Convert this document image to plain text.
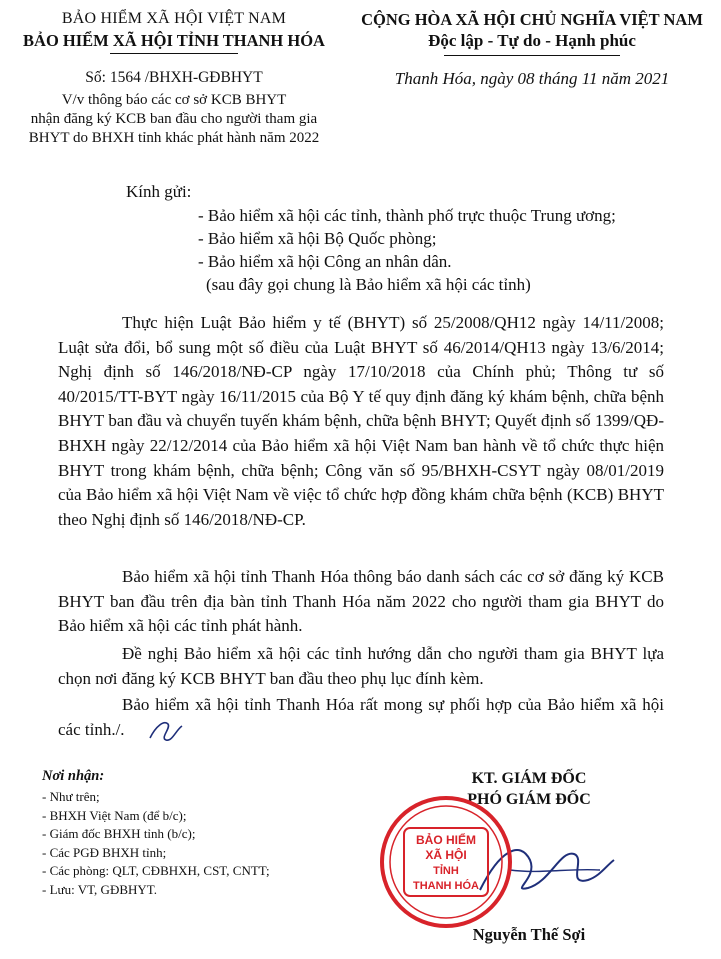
BẢO HIỂM XÃ HỘI VIỆT NAM
BẢO HIỂM XÃ HỘI TỈNH THANH HÓA
Số: 1564 /BHXH-GĐBHYT
V/v thông báo các cơ sở KCB BHYT
nhận đăng ký KCB ban đầu cho người tham gia
BHYT do BHXH tỉnh khác phát hành năm 2022
CỘNG HÒA XÃ HỘI CHỦ NGHĨA VIỆT NAM
Độc lập - Tự do - Hạnh phúc
Thanh Hóa, ngày 08 tháng 11 năm 2021
Kính gửi:
- Bảo hiểm xã hội các tỉnh, thành phố trực thuộc Trung ương;
- Bảo hiểm xã hội Bộ Quốc phòng;
- Bảo hiểm xã hội Công an nhân dân.
(sau đây gọi chung là Bảo hiểm xã hội các tỉnh)

Thực hiện Luật Bảo hiểm y tế (BHYT) số 25/2008/QH12 ngày 14/11/2008; Luật sửa đổi, bổ sung một số điều của Luật BHYT số 46/2014/QH13 ngày 13/6/2014; Nghị định số 146/2018/NĐ-CP ngày 17/10/2018 của Chính phủ; Thông tư số 40/2015/TT-BYT ngày 16/11/2015 của Bộ Y tế quy định đăng ký khám bệnh, chữa bệnh BHYT ban đầu và chuyển tuyến khám bệnh, chữa bệnh BHYT; Quyết định số 1399/QĐ-BHXH ngày 22/12/2014 của Bảo hiểm xã hội Việt Nam ban hành về tổ chức thực hiện BHYT trong khám bệnh, chữa bệnh; Công văn số 95/BHXH-CSYT ngày 08/01/2019 của Bảo hiểm xã hội Việt Nam về việc tổ chức hợp đồng khám chữa bệnh (KCB) BHYT theo Nghị định số 146/2018/NĐ-CP.

Bảo hiểm xã hội tỉnh Thanh Hóa thông báo danh sách các cơ sở đăng ký KCB BHYT ban đầu trên địa bàn tỉnh Thanh Hóa năm 2022 cho người tham gia BHYT do Bảo hiểm xã hội các tỉnh phát hành.

Đề nghị Bảo hiểm xã hội các tỉnh hướng dẫn cho người tham gia BHYT lựa chọn nơi đăng ký KCB BHYT ban đầu theo phụ lục đính kèm.

Bảo hiểm xã hội tỉnh Thanh Hóa rất mong sự phối hợp của Bảo hiểm xã hội các tỉnh./.

Nơi nhận:
- Như trên;
- BHXH Việt Nam (để b/c);
- Giám đốc BHXH tỉnh (b/c);
- Các PGĐ BHXH tỉnh;
- Các phòng: QLT, CĐBHXH, CST, CNTT;
- Lưu: VT, GĐBHYT.
KT. GIÁM ĐỐC
PHÓ GIÁM ĐỐC
BẢO HIỂM
XÃ HỘI
TỈNH
THANH HÓA
Nguyễn Thế Sợi
